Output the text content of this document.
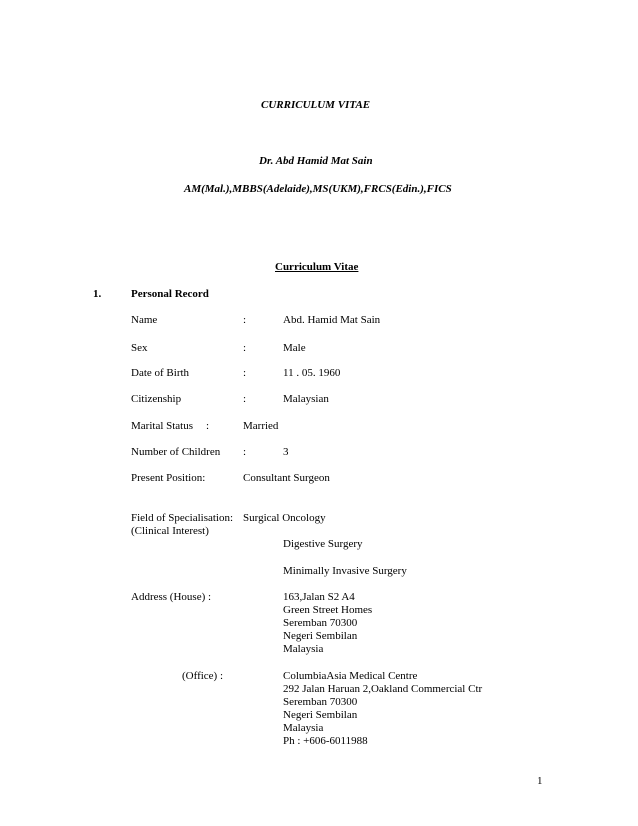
CURRICULUM VITAE
Dr. Abd Hamid Mat Sain
AM(Mal.),MBBS(Adelaide),MS(UKM),FRCS(Edin.),FICS
Curriculum Vitae
1.	Personal Record
Name	:	Abd. Hamid Mat Sain
Sex	:	Male
Date of Birth	:	11 . 05. 1960
Citizenship	:	Malaysian
Marital Status :	Married
Number of Children :	3
Present Position:	Consultant Surgeon
Field of Specialisation: Surgical Oncology
(Clinical Interest)
Digestive Surgery
Minimally Invasive Surgery
Address (House) :	163,Jalan S2 A4
Green Street Homes
Seremban 70300
Negeri Sembilan
Malaysia
(Office) :	ColumbiaAsia Medical Centre
292 Jalan Haruan 2,Oakland Commercial Ctr
Seremban 70300
Negeri Sembilan
Malaysia
Ph : +606-6011988
1
